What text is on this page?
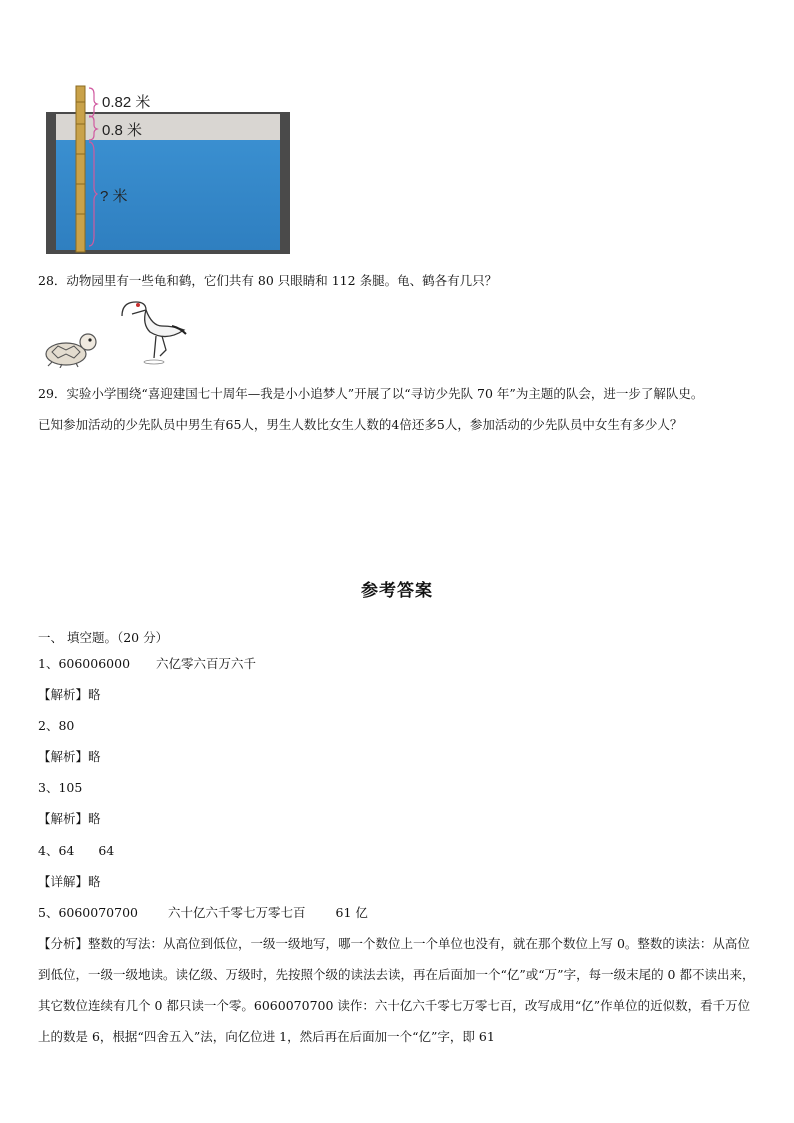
0.82 米
0.8 米
? 米
28．动物园里有一些龟和鹤，它们共有 80 只眼睛和 112 条腿。龟、鹤各有几只？
29．实验小学围绕“喜迎建国七十周年—我是小小追梦人”开展了以“寻访少先队 70 年”为主题的队会，进一步了解队史。
已知参加活动的少先队员中男生有65人，男生人数比女生人数的4倍还多5人，参加活动的少先队员中女生有多少人？
参考答案
一、 填空题。（20 分）
1、606006000 六亿零六百万六千
【解析】略
2、80
【解析】略
3、105
【解析】略
4、64 64
【详解】略
5、6060070700 六十亿六千零七万零七百 61 亿
【分析】整数的写法：从高位到低位，一级一级地写，哪一个数位上一个单位也没有，就在那个数位上写 0。整数的读法：从高位到低位，一级一级地读。读亿级、万级时，先按照个级的读法去读，再在后面加一个“亿”或“万”字，每一级末尾的 0 都不读出来，其它数位连续有几个 0 都只读一个零。6060070700 读作：六十亿六千零七万零七百，改写成用“亿”作单位的近似数，看千万位上的数是 6，根据“四舍五入”法，向亿位进 1，然后再在后面加一个“亿”字，即 61
